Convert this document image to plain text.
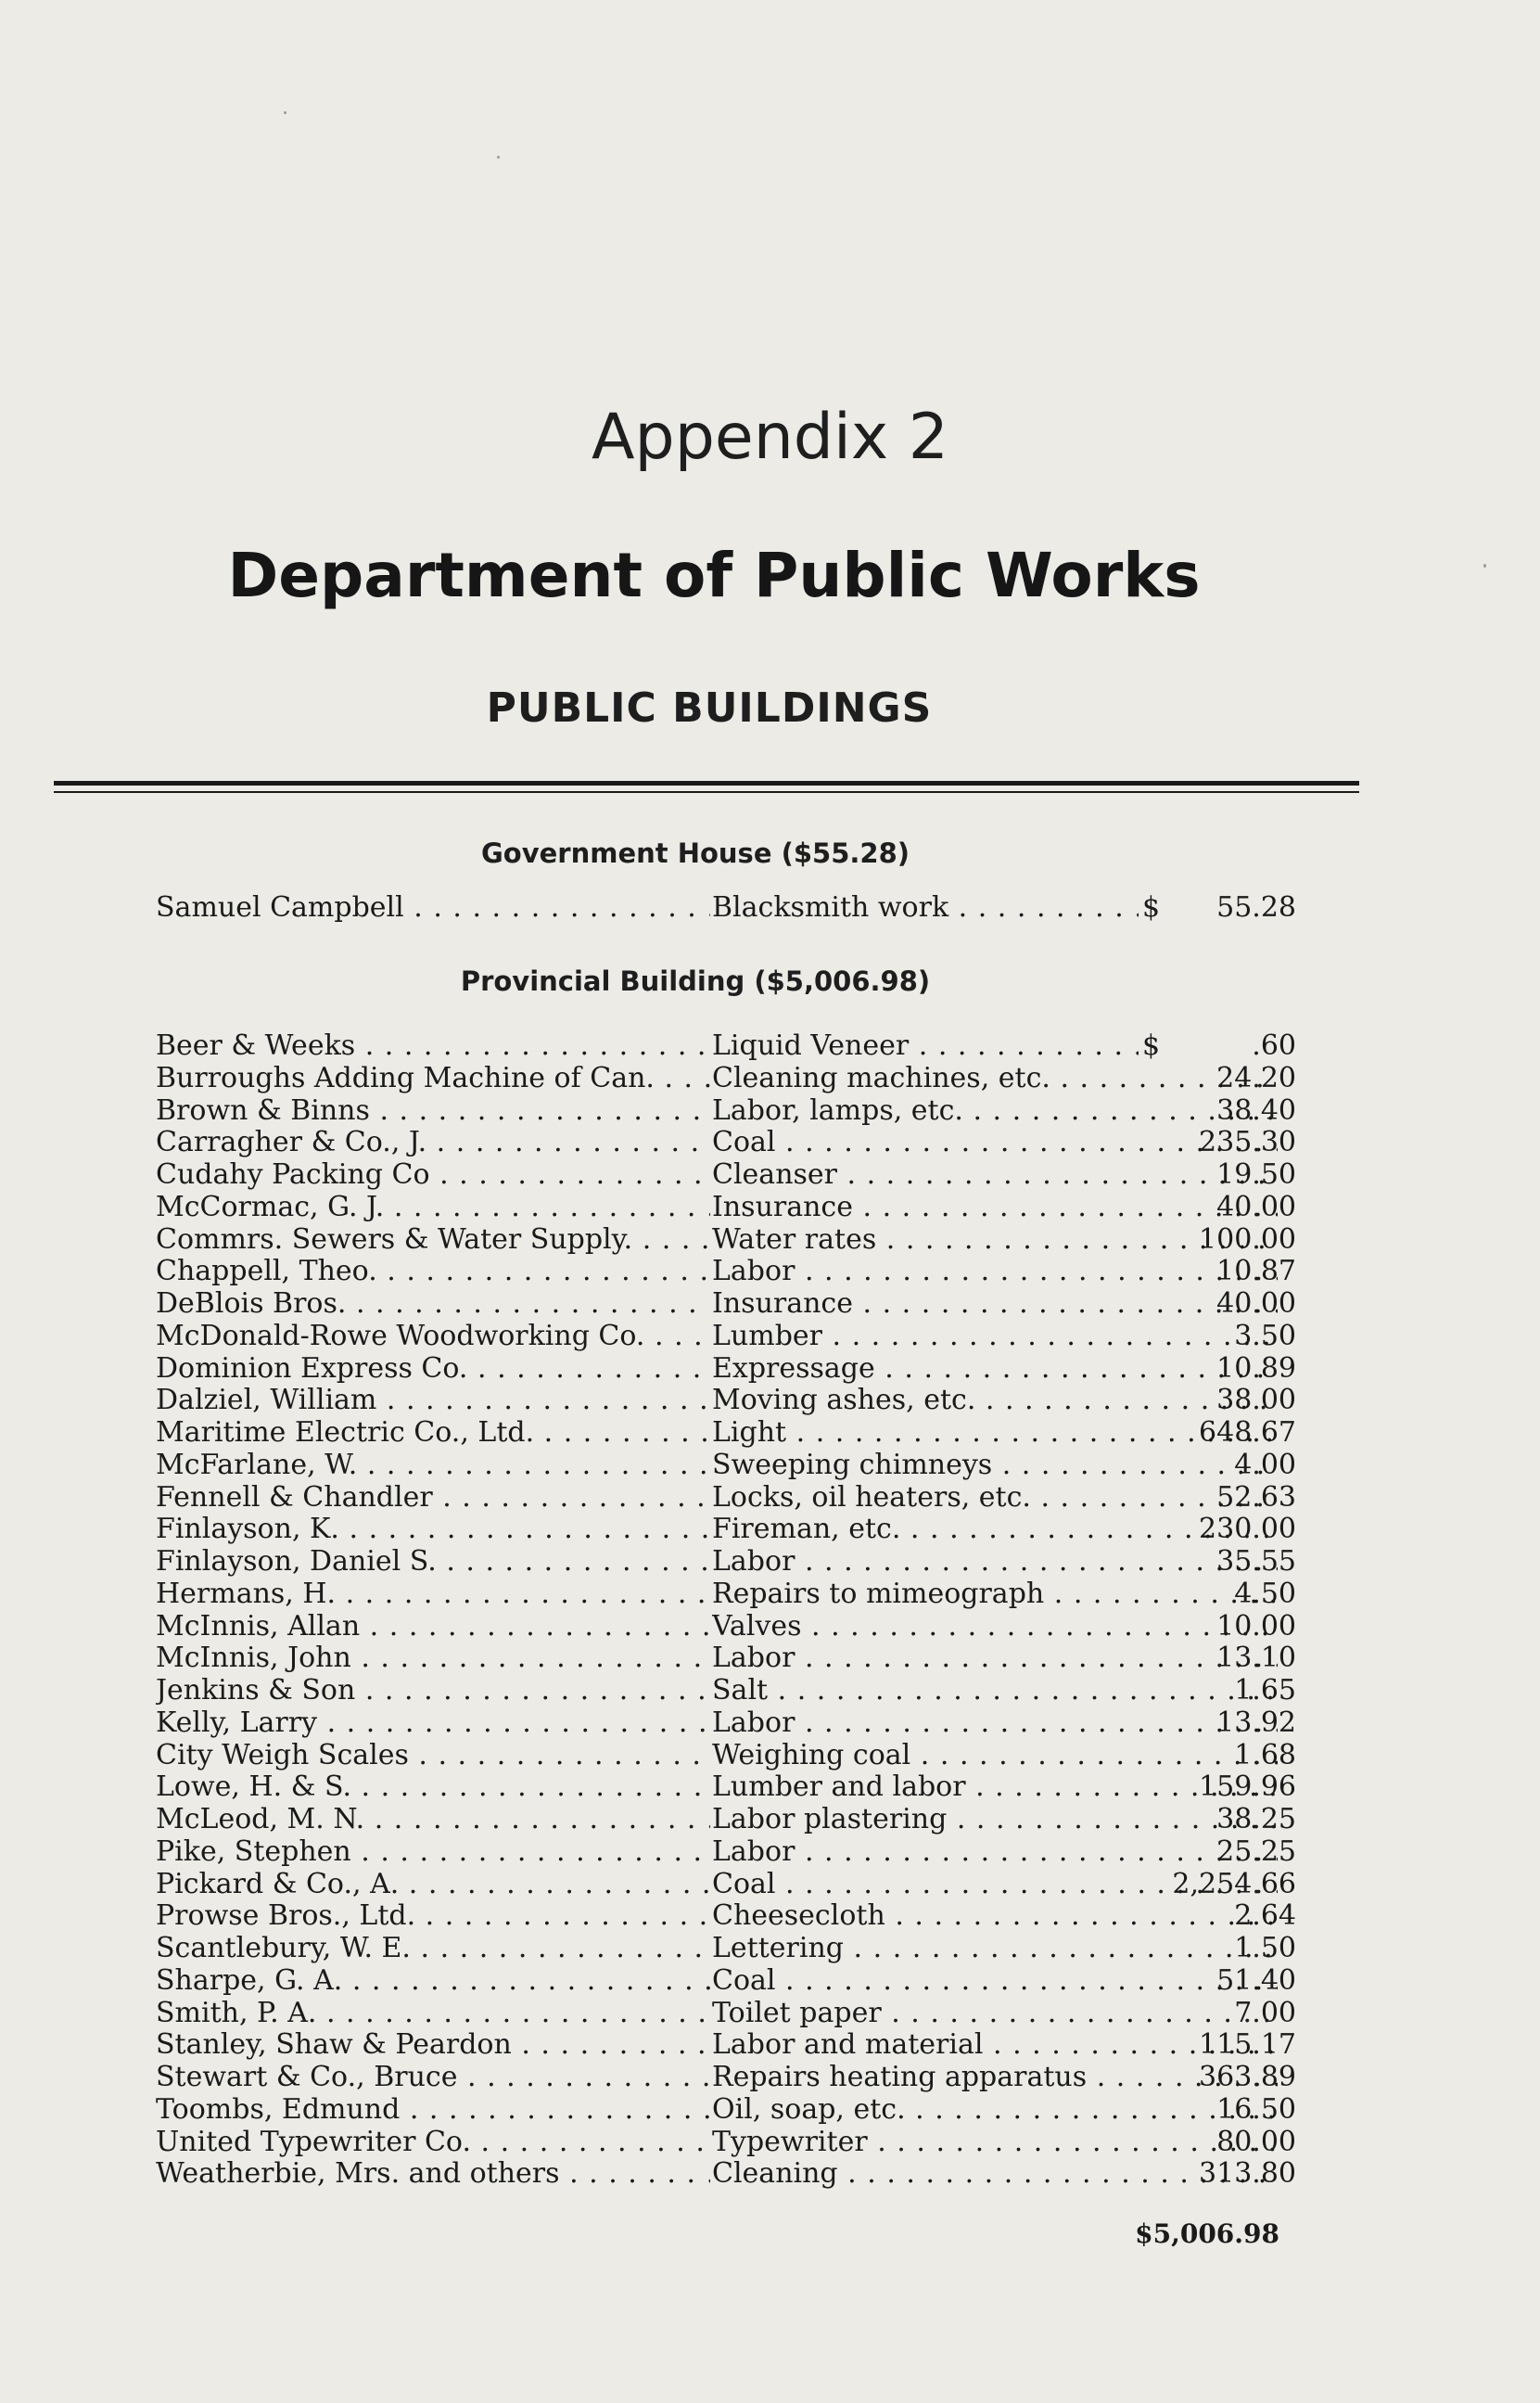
Appendix 2
Department of Public Works
PUBLIC BUILDINGS
Government House ($55.28)
Samuel Campbell . . .	Blacksmith work . . .	$	55.28
Provincial Building ($5,006.98)
Beer & Weeks . . .	Liquid Veneer . . .	$	.60
Burroughs Adding Machine of Can. . . .	Cleaning machines, etc. . . .	24.20
Brown & Binns . . .	Labor, lamps, etc. . . .	38.40
Carragher & Co., J. . . .	Coal . . .	235.30
Cudahy Packing Co . . .	Cleanser . . .	19.50
McCormac, G. J. . . .	Insurance . . .	40.00
Commrs. Sewers & Water Supply. . . .	Water rates . . .	100.00
Chappell, Theo. . . .	Labor . . .	10.87
DeBlois Bros. . . .	Insurance . . .	40.00
McDonald-Rowe Woodworking Co. . . .	Lumber . . .	3.50
Dominion Express Co. . . .	Expressage . . .	10.89
Dalziel, William . . .	Moving ashes, etc. . . .	38.00
Maritime Electric Co., Ltd. . . .	Light . . .	648.67
McFarlane, W. . . .	Sweeping chimneys . . .	4.00
Fennell & Chandler . . .	Locks, oil heaters, etc. . . .	52.63
Finlayson, K. . . .	Fireman, etc. . . .	230.00
Finlayson, Daniel S. . . .	Labor . . .	35.55
Hermans, H. . . .	Repairs to mimeograph . . .	4.50
McInnis, Allan . . .	Valves . . .	10.00
McInnis, John . . .	Labor . . .	13.10
Jenkins & Son . . .	Salt . . .	1.65
Kelly, Larry . . .	Labor . . .	13.92
City Weigh Scales . . .	Weighing coal . . .	1.68
Lowe, H. & S. . . .	Lumber and labor . . .	159.96
McLeod, M. N. . . .	Labor plastering . . .	38.25
Pike, Stephen . . .	Labor . . .	25.25
Pickard & Co., A. . . .	Coal . . .	2,254.66
Prowse Bros., Ltd. . . .	Cheesecloth . . .	2.64
Scantlebury, W. E. . . .	Lettering . . .	1.50
Sharpe, G. A. . . .	Coal . . .	51.40
Smith, P. A. . . .	Toilet paper . . .	7.00
Stanley, Shaw & Peardon . . .	Labor and material . . .	115.17
Stewart & Co., Bruce . . .	Repairs heating apparatus . . .	363.89
Toombs, Edmund . . .	Oil, soap, etc. . . .	16.50
United Typewriter Co. . . .	Typewriter . . .	80.00
Weatherbie, Mrs. and others . . .	Cleaning . . .	313.80
$5,006.98
